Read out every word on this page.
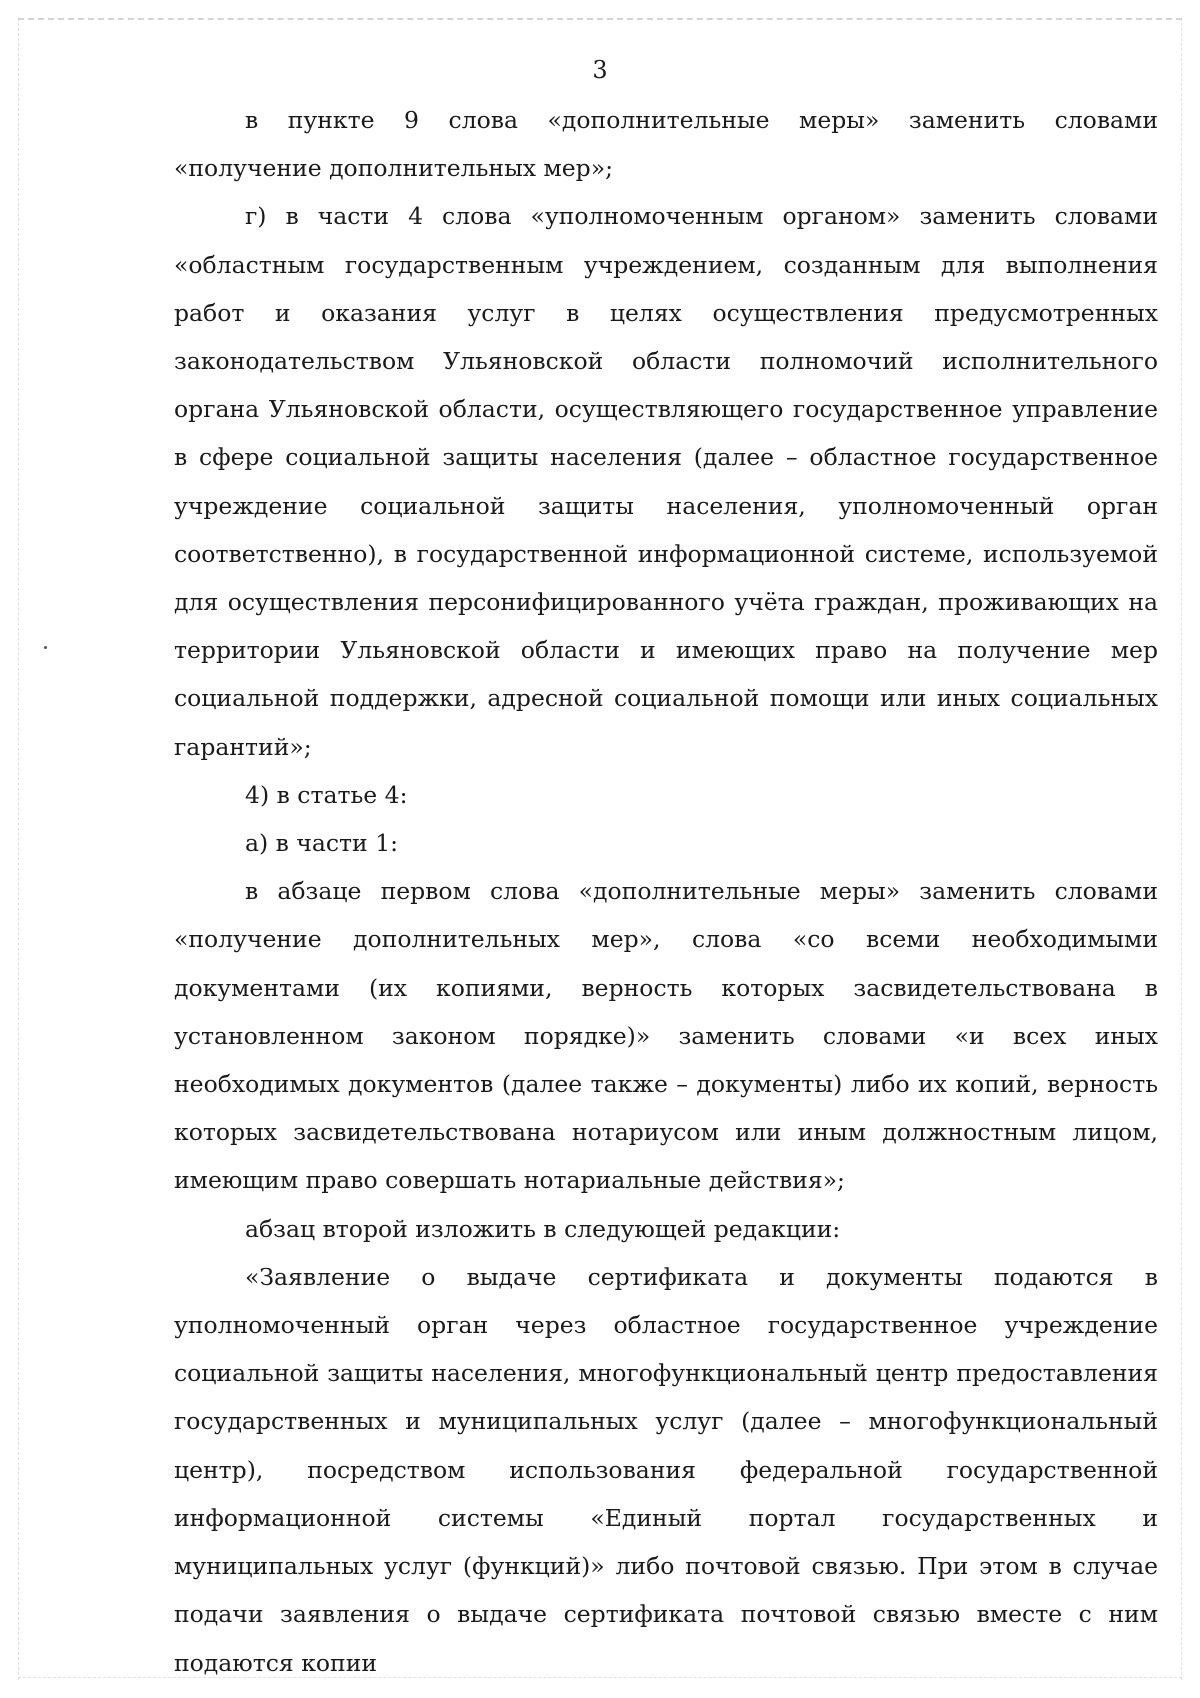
3

в пункте 9 слова «дополнительные меры» заменить словами «получение дополнительных мер»;

г) в части 4 слова «уполномоченным органом» заменить словами «областным государственным учреждением, созданным для выполнения работ и оказания услуг в целях осуществления предусмотренных законодательством Ульяновской области полномочий исполнительного органа Ульяновской области, осуществляющего государственное управление в сфере социальной защиты населения (далее – областное государственное учреждение социальной защиты населения, уполномоченный орган соответственно), в государственной информационной системе, используемой для осуществления персонифицированного учёта граждан, проживающих на территории Ульяновской области и имеющих право на получение мер социальной поддержки, адресной социальной помощи или иных социальных гарантий»;

4) в статье 4:

а) в части 1:

в абзаце первом слова «дополнительные меры» заменить словами «получение дополнительных мер», слова «со всеми необходимыми документами (их копиями, верность которых засвидетельствована в установленном законом порядке)» заменить словами «и всех иных необходимых документов (далее также – документы) либо их копий, верность которых засвидетельствована нотариусом или иным должностным лицом, имеющим право совершать нотариальные действия»;

абзац второй изложить в следующей редакции:

«Заявление о выдаче сертификата и документы подаются в уполномоченный орган через областное государственное учреждение социальной защиты населения, многофункциональный центр предоставления государственных и муниципальных услуг (далее – многофункциональный центр), посредством использования федеральной государственной информационной системы «Единый портал государственных и муниципальных услуг (функций)» либо почтовой связью. При этом в случае подачи заявления о выдаче сертификата почтовой связью вместе с ним подаются копии
